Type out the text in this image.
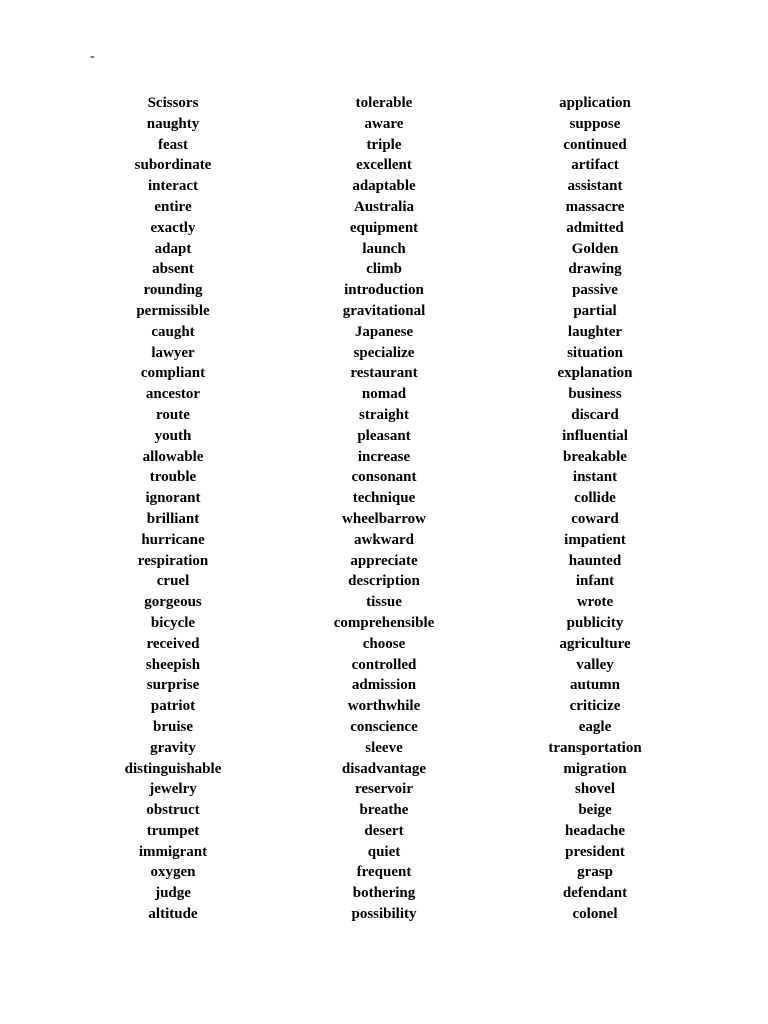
-
Scissors
naughty
feast
subordinate
interact
entire
exactly
adapt
absent
rounding
permissible
caught
lawyer
compliant
ancestor
route
youth
allowable
trouble
ignorant
brilliant
hurricane
respiration
cruel
gorgeous
bicycle
received
sheepish
surprise
patriot
bruise
gravity
distinguishable
jewelry
obstruct
trumpet
immigrant
oxygen
judge
altitude
tolerable
aware
triple
excellent
adaptable
Australia
equipment
launch
climb
introduction
gravitational
Japanese
specialize
restaurant
nomad
straight
pleasant
increase
consonant
technique
wheelbarrow
awkward
appreciate
description
tissue
comprehensible
choose
controlled
admission
worthwhile
conscience
sleeve
disadvantage
reservoir
breathe
desert
quiet
frequent
bothering
possibility
application
suppose
continued
artifact
assistant
massacre
admitted
Golden
drawing
passive
partial
laughter
situation
explanation
business
discard
influential
breakable
instant
collide
coward
impatient
haunted
infant
wrote
publicity
agriculture
valley
autumn
criticize
eagle
transportation
migration
shovel
beige
headache
president
grasp
defendant
colonel
